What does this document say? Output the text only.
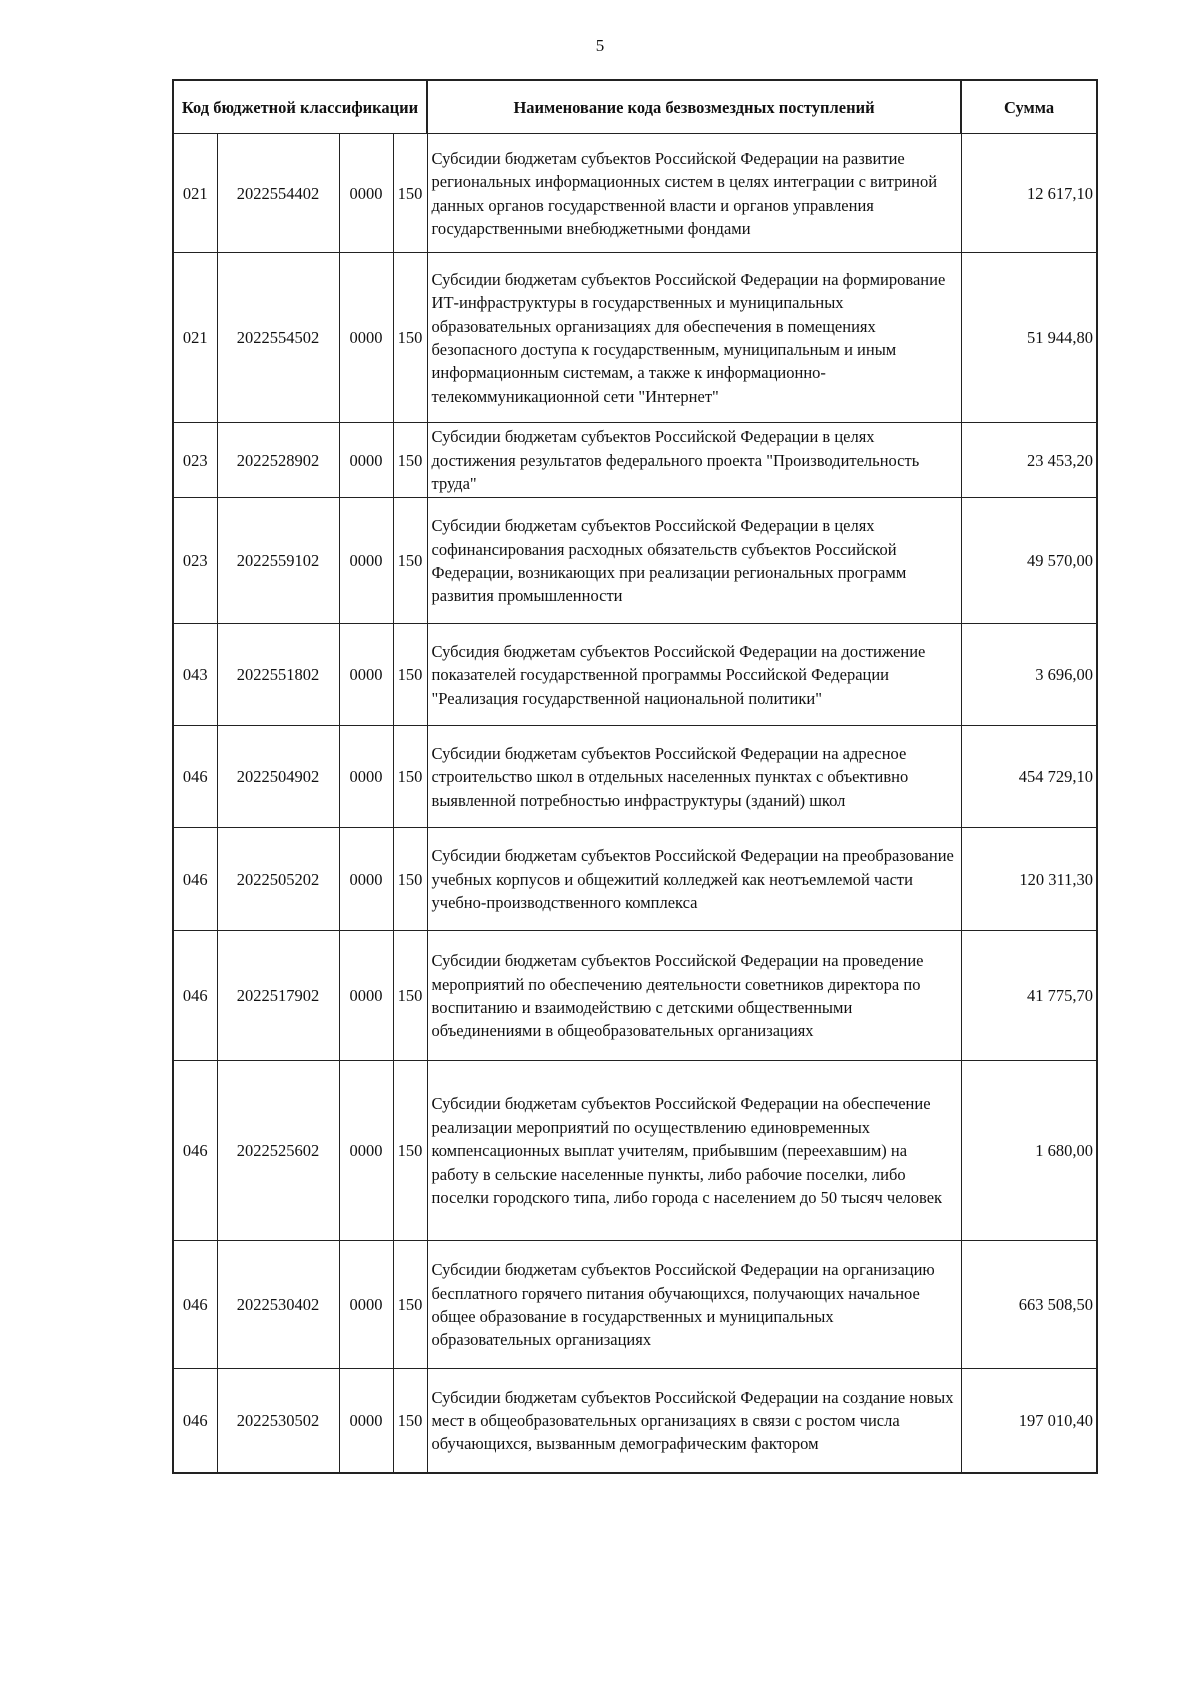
5
Код бюджетной классификации				Наименование кода безвозмездных поступлений	Сумма
021	2022554402	0000	150	Субсидии бюджетам субъектов Российской Федерации на развитие региональных информационных систем в целях интеграции с витриной данных органов государственной власти и органов управления государственными внебюджетными фондами	12 617,10
021	2022554502	0000	150	Субсидии бюджетам субъектов Российской Федерации на формирование ИТ-инфраструктуры в государственных и муниципальных образовательных организациях для обеспечения в помещениях безопасного доступа к государственным, муниципальным и иным информационным системам, а также к информационно-телекоммуникационной сети "Интернет"	51 944,80
023	2022528902	0000	150	Субсидии бюджетам субъектов Российской Федерации в целях достижения результатов федерального проекта "Производительность труда"	23 453,20
023	2022559102	0000	150	Субсидии бюджетам субъектов Российской Федерации в целях софинансирования расходных обязательств субъектов Российской Федерации, возникающих при реализации региональных программ развития промышленности	49 570,00
043	2022551802	0000	150	Субсидия бюджетам субъектов Российской Федерации на достижение показателей государственной программы Российской Федерации "Реализация государственной национальной политики"	3 696,00
046	2022504902	0000	150	Субсидии бюджетам субъектов Российской Федерации на адресное строительство школ в отдельных населенных пунктах с объективно выявленной потребностью инфраструктуры (зданий) школ	454 729,10
046	2022505202	0000	150	Субсидии бюджетам субъектов Российской Федерации на преобразование учебных корпусов и общежитий колледжей как неотъемлемой части учебно-производственного комплекса	120 311,30
046	2022517902	0000	150	Субсидии бюджетам субъектов Российской Федерации на проведение мероприятий по обеспечению деятельности советников директора по воспитанию и взаимодействию с детскими общественными объединениями в общеобразовательных организациях	41 775,70
046	2022525602	0000	150	Субсидии бюджетам субъектов Российской Федерации на обеспечение реализации мероприятий по осуществлению единовременных компенсационных выплат учителям, прибывшим (переехавшим) на работу в сельские населенные пункты, либо рабочие поселки, либо поселки городского типа, либо города с населением до 50 тысяч человек	1 680,00
046	2022530402	0000	150	Субсидии бюджетам субъектов Российской Федерации на организацию бесплатного горячего питания обучающихся, получающих начальное общее образование в государственных и муниципальных образовательных организациях	663 508,50
046	2022530502	0000	150	Субсидии бюджетам субъектов Российской Федерации на создание новых мест в общеобразовательных организациях в связи с ростом числа обучающихся, вызванным демографическим фактором	197 010,40
